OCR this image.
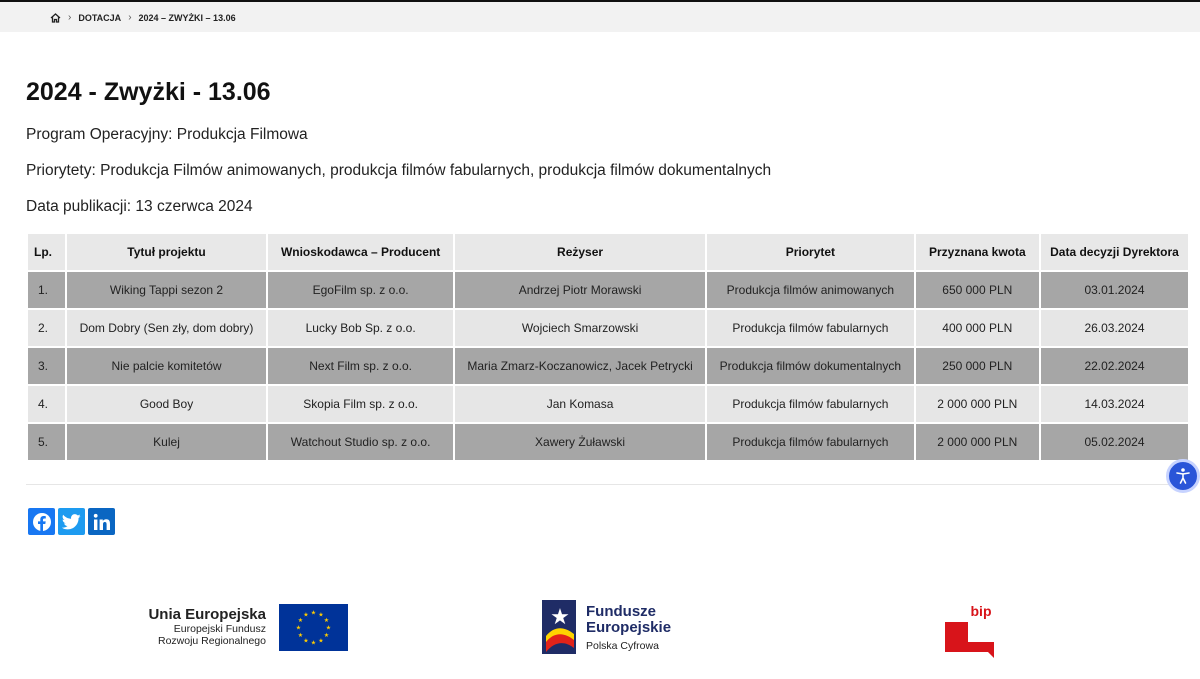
› DOTACJA › 2024 – ZWYŻKI – 13.06
2024 - Zwyżki - 13.06
Program Operacyjny: Produkcja Filmowa
Priorytety: Produkcja Filmów animowanych, produkcja filmów fabularnych, produkcja filmów dokumentalnych
Data publikacji: 13 czerwca 2024
Lp.	Tytuł projektu	Wnioskodawca – Producent	Reżyser	Priorytet	Przyznana kwota	Data decyzji Dyrektora
1.	Wiking Tappi sezon 2	EgoFilm sp. z o.o.	Andrzej Piotr Morawski	Produkcja filmów animowanych	650 000 PLN	03.01.2024
2.	Dom Dobry (Sen zły, dom dobry)	Lucky Bob Sp. z o.o.	Wojciech Smarzowski	Produkcja filmów fabularnych	400 000 PLN	26.03.2024
3.	Nie palcie komitetów	Next Film sp. z o.o.	Maria Zmarz-Koczanowicz, Jacek Petrycki	Produkcja filmów dokumentalnych	250 000 PLN	22.02.2024
4.	Good Boy	Skopia Film sp. z o.o.	Jan Komasa	Produkcja filmów fabularnych	2 000 000 PLN	14.03.2024
5.	Kulej	Watchout Studio sp. z o.o.	Xawery Żuławski	Produkcja filmów fabularnych	2 000 000 PLN	05.02.2024
Unia Europejska
Europejski Fundusz
Rozwoju Regionalnego
★ ★
★
★
★
★
★
★
★
★
★
★	★ Fundusze
Europejskie
Polska Cyfrowa
bip
